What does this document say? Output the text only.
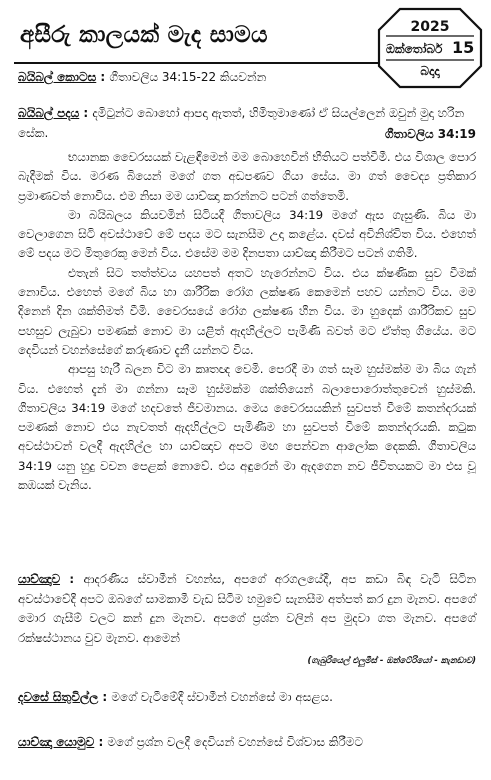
අසීරු කාලයක් මැද සාමය	2025
ඔක්තෝබර් 15
බදාදා
බයිබල් කොටස : ගීතාවලිය 34:15-22 කියවන්න
බයිබල් පදය : දමිටුන්ට බොහෝ ආපදා ඇතත්, හිමිතුමාණෝ ඒ සියල්ලෙන් ඔවුන් මුදා හරින සේක.	ගීතාවලිය 34:19

භයානක වෛරසයක් වැළඳීමෙන් මම බොහෙවින් භීතියට පත්වීමී. එය විශාල පොර බැදීමක් විය. මරණ බියෙන් මගේ ගත අඩපණව ගියා සේය. මා ගත් වෛද්‍ය ප්‍රතිකාර ප්‍රමාණවත් නොවිය. එම නිසා මම යාච්ඤා කරන්නට පටන් ගත්තෙමි.

මා බයිබලය කියවමින් සිටියදී ගීතාවලිය 34:19 මගේ ඇස ගැසුණි. බිය මා වෙලාගෙන සිටි අවස්ථාවේ මේ පදය මට සැනසීම උදා කළේය. දවස් අවිනිශ්චිත විය. එහෙත් මේ පදය මට මිතුරෙකු මෙන් විය. එසේම මම දිනපතා යාච්ඤා කිරීමට පටන් ගතිමි.

එතැන් සිට තත්ත්වය යහපත් අතට හැරෙන්නට විය. එය ක්ෂණික සුව වීමක් නොවිය. එහෙත් මගේ බිය හා ශාරීරික රෝග ලක්ෂණ කෙමෙන් පහව යන්නට විය. මම දිනෙන් දින ශක්තිමත් වීමි. වෛරසයේ රෝග ලක්ෂණ හීන විය. මා හුදෙක් ශාරීරිකව සුව පහසුව ලැබුවා පමණක් නොව මා යළිත් ඇදහිල්ලට පැමිණි බවත් මට ඒත්තු ගියේය. මට දෙවියන් වහන්සේගේ කරුණාව දැනී යන්නට විය.

ආපසු හැරී බලන විට මා කෘතඥ වෙමි. පෙරදී මා ගත් සෑම හුස්මක්ම මා බිය ගැන් විය. එහෙත් දැන් මා ගන්නා සෑම හුස්මක්ම ශක්තියෙන් බලාපොරොත්තුවෙන් හුස්මකි. ගීතාවලිය 34:19 මගේ හදවතේ ජීවමානය. මෙය වෛරසයකින් සුවපත් වීමේ කතන්දරයක් පමණක් නොව එය නැවතත් ඇදහිල්ලට පැමිණීම හා සුවපත් වීමේ කතන්දරයකි. කටුක අවස්ථාවන් වලදී ඇදහිල්ල හා යාච්ඤාව අපට මඟ පෙන්වන ආලෝක දෙකකි. ගීතාවලිය 34:19 යනු හුදු වචන පෙළක් නොවේ. එය අඳුරෙන් මා ඇදගෙන නව ජීවිතයකට මා එස වූ කඹයක් වැනිය.

යාච්ඤාව : ආදරණීය ස්වාමීන් වහන්ස, අපගේ අරගලයේදී, අප කඩා බිඳ වැටී සිටින අවස්ථාවේදී අපට ඔබගේ සාමකාමී වැඩ සිටීම හමුවේ සැනසීම අත්පත් කර දුන මැනව. අපගේ මොර ගැසීම් වලට කන් දුන මැනව. අපගේ ප්‍රශ්න වලින් අප මුදවා ගත මැනව. අපගේ රක්ෂස්ථානය වුව මැනව. ආමෙන්
(ගැබුරියෙල් එලුමීස් - ඔන්ටේරියෝ - කැනඩාව)
දවසේ සිතුවිල්ල : මගේ වැටීමේදී ස්වාමීන් වහන්සේ මා අසළය.
යාච්ඤා යොමුව : මගේ ප්‍රශ්න වලදී දෙවියන් වහන්සේ විශ්වාස කිරීමට
